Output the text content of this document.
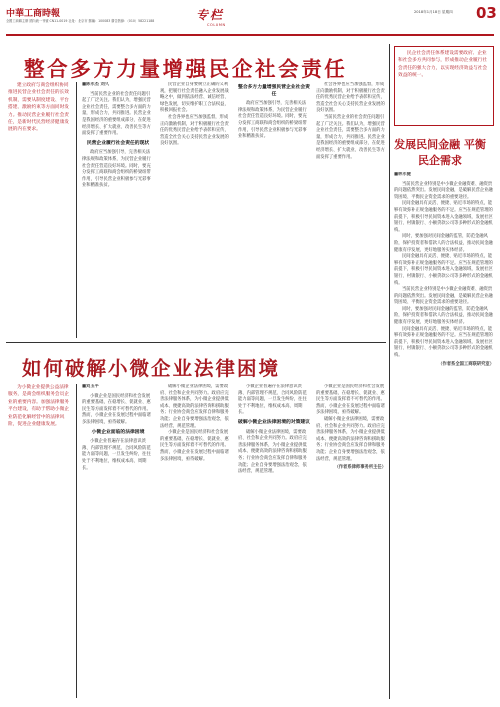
中華工商時報
全國工商聯主辦 國內統一刊號 CN11-0019 社址：北京市 郵編：100083 廣告熱線：（010）58221188	专栏
COLUMN
2018年1月18日 星期四 03
整合多方力量增强民企社会责任

建立政府与商会组织协同推进民营企业社会责任的长效机制，需要从制度建设、平台搭建、激励约束等方面同时发力。推动民营企业履行社会责任，是新时代民营经济健康发展的内在要求。

■陈永杰 刘久

当前民营企业的社会责任问题引起了广泛关注。我们认为，增强民营企业社会责任，需要整合多方面的力量，形成合力，共同推进。民营企业是我国经济的重要组成部分，在促进经济增长、扩大就业、改善民生等方面发挥了重要作用。

民营企业履行社会责任的现状

政府应当加强引导，完善相关法律法规和政策体系，为民营企业履行社会责任营造良好环境。同时，要充分发挥工商联和商会组织的桥梁纽带作用，引导民营企业积极参与光彩事业和精准扶贫。

民营企业自身要树立正确的义利观，把履行社会责任融入企业发展战略之中，做到依法经营、诚信经营、绿色发展，切实维护职工合法权益，积极回报社会。

社会各界也应当加强监督，形成正向激励机制，对于积极履行社会责任的优秀民营企业给予表彰和宣传，营造全社会关心支持民营企业发展的良好氛围。

整合多方力量增强民营企业社会责任

政府应当加强引导，完善相关法律法规和政策体系，为民营企业履行社会责任营造良好环境。同时，要充分发挥工商联和商会组织的桥梁纽带作用，引导民营企业积极参与光彩事业和精准扶贫。

社会各界也应当加强监督，形成正向激励机制，对于积极履行社会责任的优秀民营企业给予表彰和宣传，营造全社会关心支持民营企业发展的良好氛围。

当前民营企业的社会责任问题引起了广泛关注。我们认为，增强民营企业社会责任，需要整合多方面的力量，形成合力，共同推进。民营企业是我国经济的重要组成部分，在促进经济增长、扩大就业、改善民生等方面发挥了重要作用。

民企社会责任体系建设需要政府、企业和社会多方共同参与，形成推动企业履行社会责任的强大合力，以实现经济效益与社会效益的统一。

发展民间金融 平衡民企需求

■林永健

当前民营企业特别是中小微企业融资难、融资贵的问题依然突出。发展民间金融，是破解民营企业融资困境、平衡民企资金需求的重要途径。

民间金融具有灵活、便捷、贴近市场的特点，能够有效弥补正规金融服务的不足。应当在规范管理的前提下，积极引导民间资本进入金融领域，发展社区银行、村镇银行、小额贷款公司等多种形式的金融机构。

同时，要加强对民间金融的监管，防范金融风险，保护投资者和借款人的合法权益，推动民间金融健康有序发展，更好地服务实体经济。

民间金融具有灵活、便捷、贴近市场的特点，能够有效弥补正规金融服务的不足。应当在规范管理的前提下，积极引导民间资本进入金融领域，发展社区银行、村镇银行、小额贷款公司等多种形式的金融机构。

当前民营企业特别是中小微企业融资难、融资贵的问题依然突出。发展民间金融，是破解民营企业融资困境、平衡民企资金需求的重要途径。

同时，要加强对民间金融的监管，防范金融风险，保护投资者和借款人的合法权益，推动民间金融健康有序发展，更好地服务实体经济。

民间金融具有灵活、便捷、贴近市场的特点，能够有效弥补正规金融服务的不足。应当在规范管理的前提下，积极引导民间资本进入金融领域，发展社区银行、村镇银行、小额贷款公司等多种形式的金融机构。

（作者系全国工商联研究室）

如何破解小微企业法律困境

为小微企业提供公益法律服务，是商会组织服务会员企业的重要内容。加强法律服务平台建设，有助于帮助小微企业防范化解经营中的法律风险，促进企业健康发展。

■刘玉平

小微企业是国民经济和社会发展的重要基础，在稳增长、促就业、惠民生等方面发挥着不可替代的作用。然而，小微企业在发展过程中面临诸多法律困境，亟待破解。

小微企业面临的法律困境

小微企业普遍存在法律意识淡薄、内部管理不规范、合同风险防范能力弱等问题，一旦发生纠纷，往往处于不利地位，维权成本高、周期长。

破解小微企业法律困境，需要政府、社会和企业共同努力。政府应完善法律服务体系，为小微企业提供低成本、便捷高效的法律咨询和援助服务；行业协会商会应发挥自律和服务功能；企业自身要增强法治观念，依法经营，规范管理。

小微企业是国民经济和社会发展的重要基础，在稳增长、促就业、惠民生等方面发挥着不可替代的作用。然而，小微企业在发展过程中面临诸多法律困境，亟待破解。

小微企业普遍存在法律意识淡薄、内部管理不规范、合同风险防范能力弱等问题，一旦发生纠纷，往往处于不利地位，维权成本高、周期长。

破解小微企业法律困境的对策建议

破解小微企业法律困境，需要政府、社会和企业共同努力。政府应完善法律服务体系，为小微企业提供低成本、便捷高效的法律咨询和援助服务；行业协会商会应发挥自律和服务功能；企业自身要增强法治观念，依法经营，规范管理。

小微企业是国民经济和社会发展的重要基础，在稳增长、促就业、惠民生等方面发挥着不可替代的作用。然而，小微企业在发展过程中面临诸多法律困境，亟待破解。

破解小微企业法律困境，需要政府、社会和企业共同努力。政府应完善法律服务体系，为小微企业提供低成本、便捷高效的法律咨询和援助服务；行业协会商会应发挥自律和服务功能；企业自身要增强法治观念，依法经营，规范管理。

（作者系律师事务所主任）
